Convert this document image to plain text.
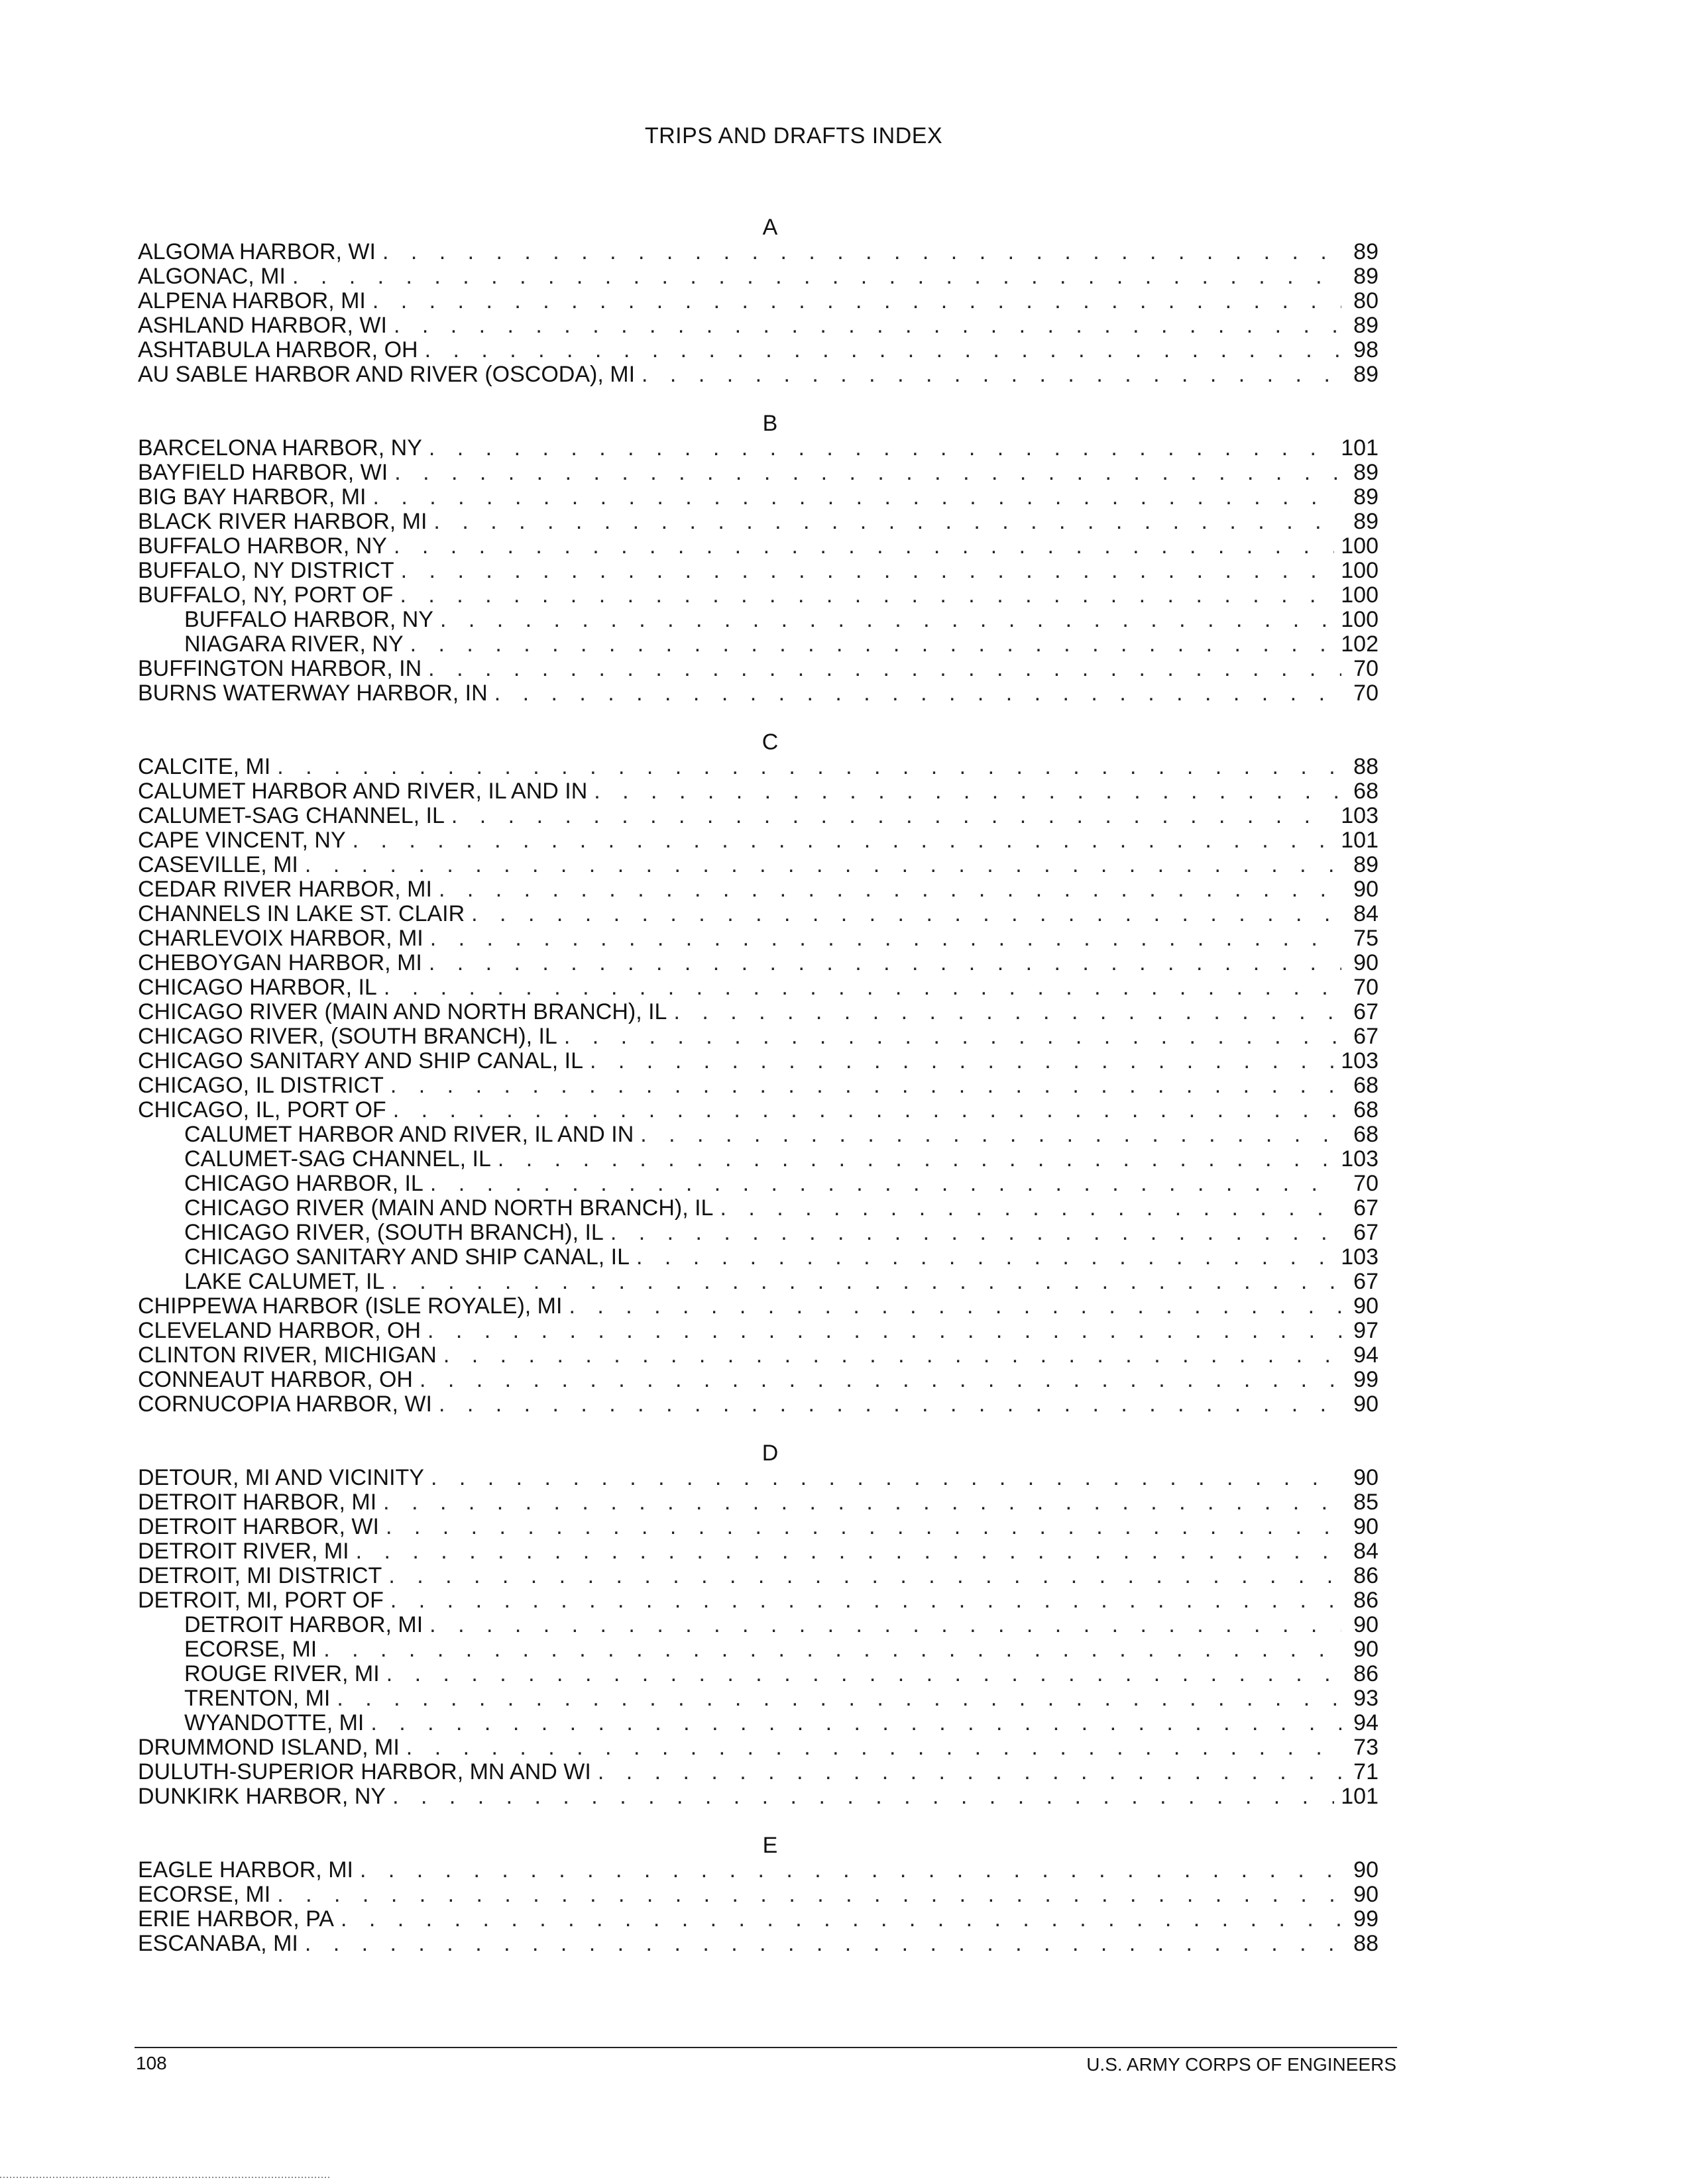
TRIPS AND DRAFTS INDEX
A
ALGOMA HARBOR, WI . . .	89
ALGONAC, MI . . .	89
ALPENA HARBOR, MI . . .	80
ASHLAND HARBOR, WI . . .	89
ASHTABULA HARBOR, OH . . .	98
AU SABLE HARBOR AND RIVER (OSCODA), MI . . .	89
B
BARCELONA HARBOR, NY . . .	101
BAYFIELD HARBOR, WI . . .	89
BIG BAY HARBOR, MI . . .	89
BLACK RIVER HARBOR, MI . . .	89
BUFFALO HARBOR, NY . . .	100
BUFFALO, NY DISTRICT . . .	100
BUFFALO, NY, PORT OF . . .	100
BUFFALO HARBOR, NY . . .	100
NIAGARA RIVER, NY . . .	102
BUFFINGTON HARBOR, IN . . .	70
BURNS WATERWAY HARBOR, IN . . .	70
C
CALCITE, MI . . .	88
CALUMET HARBOR AND RIVER, IL AND IN . . .	68
CALUMET-SAG CHANNEL, IL . . .	103
CAPE VINCENT, NY . . .	101
CASEVILLE, MI . . .	89
CEDAR RIVER HARBOR, MI . . .	90
CHANNELS IN LAKE ST. CLAIR . . .	84
CHARLEVOIX HARBOR, MI . . .	75
CHEBOYGAN HARBOR, MI . . .	90
CHICAGO HARBOR, IL . . .	70
CHICAGO RIVER (MAIN AND NORTH BRANCH), IL . . .	67
CHICAGO RIVER, (SOUTH BRANCH), IL . . .	67
CHICAGO SANITARY AND SHIP CANAL, IL . . .	103
CHICAGO, IL DISTRICT . . .	68
CHICAGO, IL, PORT OF . . .	68
CALUMET HARBOR AND RIVER, IL AND IN . . .	68
CALUMET-SAG CHANNEL, IL . . .	103
CHICAGO HARBOR, IL . . .	70
CHICAGO RIVER (MAIN AND NORTH BRANCH), IL . . .	67
CHICAGO RIVER, (SOUTH BRANCH), IL . . .	67
CHICAGO SANITARY AND SHIP CANAL, IL . . .	103
LAKE CALUMET, IL . . .	67
CHIPPEWA HARBOR (ISLE ROYALE), MI . . .	90
CLEVELAND HARBOR, OH . . .	97
CLINTON RIVER, MICHIGAN . . .	94
CONNEAUT HARBOR, OH . . .	99
CORNUCOPIA HARBOR, WI . . .	90
D
DETOUR, MI AND VICINITY . . .	90
DETROIT HARBOR, MI . . .	85
DETROIT HARBOR, WI . . .	90
DETROIT RIVER, MI . . .	84
DETROIT, MI DISTRICT . . .	86
DETROIT, MI, PORT OF . . .	86
DETROIT HARBOR, MI . . .	90
ECORSE, MI . . .	90
ROUGE RIVER, MI . . .	86
TRENTON, MI . . .	93
WYANDOTTE, MI . . .	94
DRUMMOND ISLAND, MI . . .	73
DULUTH-SUPERIOR HARBOR, MN AND WI . . .	71
DUNKIRK HARBOR, NY . . .	101
E
EAGLE HARBOR, MI . . .	90
ECORSE, MI . . .	90
ERIE HARBOR, PA . . .	99
ESCANABA, MI . . .	88
108	U.S. ARMY CORPS OF ENGINEERS
